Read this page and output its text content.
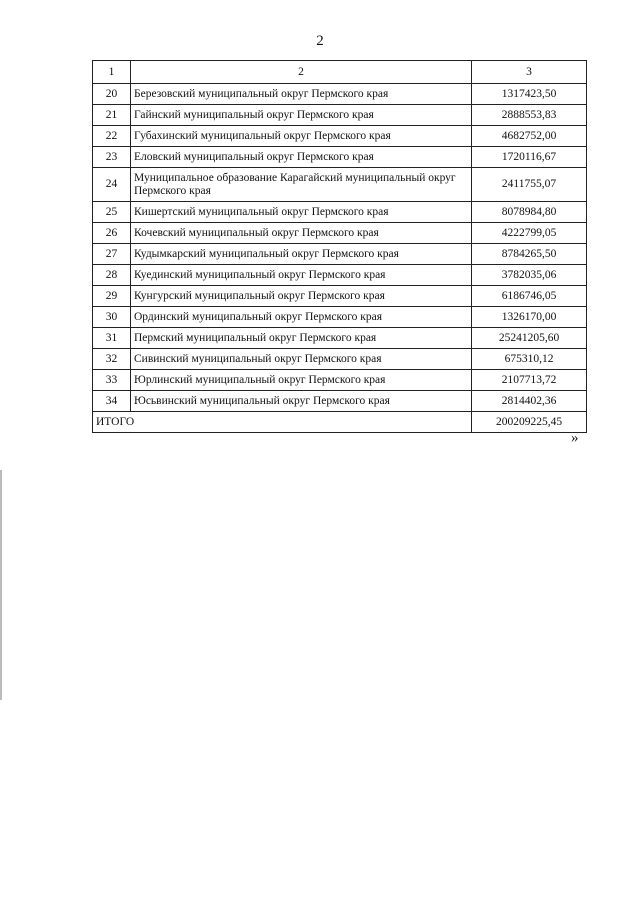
2
1	2	3
20	Березовский муниципальный округ Пермского края	1317423,50
21	Гайнский муниципальный округ Пермского края	2888553,83
22	Губахинский муниципальный округ Пермского края	4682752,00
23	Еловский муниципальный округ Пермского края	1720116,67
24	Муниципальное образование Карагайский муниципальный округ Пермского края	2411755,07
25	Кишертский муниципальный округ Пермского края	8078984,80
26	Кочевский муниципальный округ Пермского края	4222799,05
27	Кудымкарский муниципальный округ Пермского края	8784265,50
28	Куединский муниципальный округ Пермского края	3782035,06
29	Кунгурский муниципальный округ Пермского края	6186746,05
30	Ординский муниципальный округ Пермского края	1326170,00
31	Пермский муниципальный округ Пермского края	25241205,60
32	Сивинский муниципальный округ Пермского края	675310,12
33	Юрлинский муниципальный округ Пермского края	2107713,72
34	Юсьвинский муниципальный округ Пермского края	2814402,36
ИТОГО		200209225,45
»
